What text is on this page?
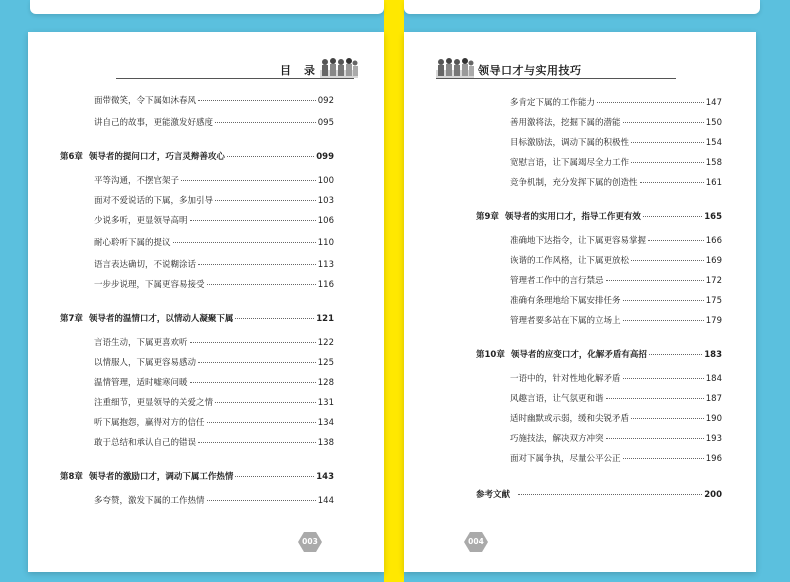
目　录
面带微笑，令下属如沐春风	092
讲自己的故事，更能激发好感度	095
第6章 领导者的提问口才，巧言灵辩善攻心	099
平等沟通，不摆官架子	100
面对不爱说话的下属，多加引导	103
少说多听，更显领导高明	106
耐心聆听下属的提议	110
语言表达确切，不说糊涂话	113
一步步说理，下属更容易接受	116
第7章 领导者的温情口才，以情动人凝聚下属	121
言语生动，下属更喜欢听	122
以情服人，下属更容易感动	125
温情管理，适时嘘寒问暖	128
注重细节，更显领导的关爱之情	131
听下属抱怨，赢得对方的信任	134
敢于总结和承认自己的错误	138
第8章 领导者的激励口才，调动下属工作热情	143
多夸赞，激发下属的工作热情	144
003
领导口才与实用技巧
多肯定下属的工作能力	147
善用激将法，挖掘下属的潜能	150
目标激励法，调动下属的积极性	154
宽慰言语，让下属竭尽全力工作	158
竞争机制，充分发挥下属的创造性	161
第9章 领导者的实用口才，指导工作更有效	165
准确地下达指令，让下属更容易掌握	166
诙谐的工作风格，让下属更放松	169
管理者工作中的言行禁忌	172
准确有条理地给下属安排任务	175
管理者要多站在下属的立场上	179
第10章 领导者的应变口才，化解矛盾有高招	183
一语中的，针对性地化解矛盾	184
风趣言语，让气氛更和谐	187
适时幽默或示弱，缓和尖锐矛盾	190
巧施技法，解决双方冲突	193
面对下属争执，尽量公平公正	196
参考文献	200
004
